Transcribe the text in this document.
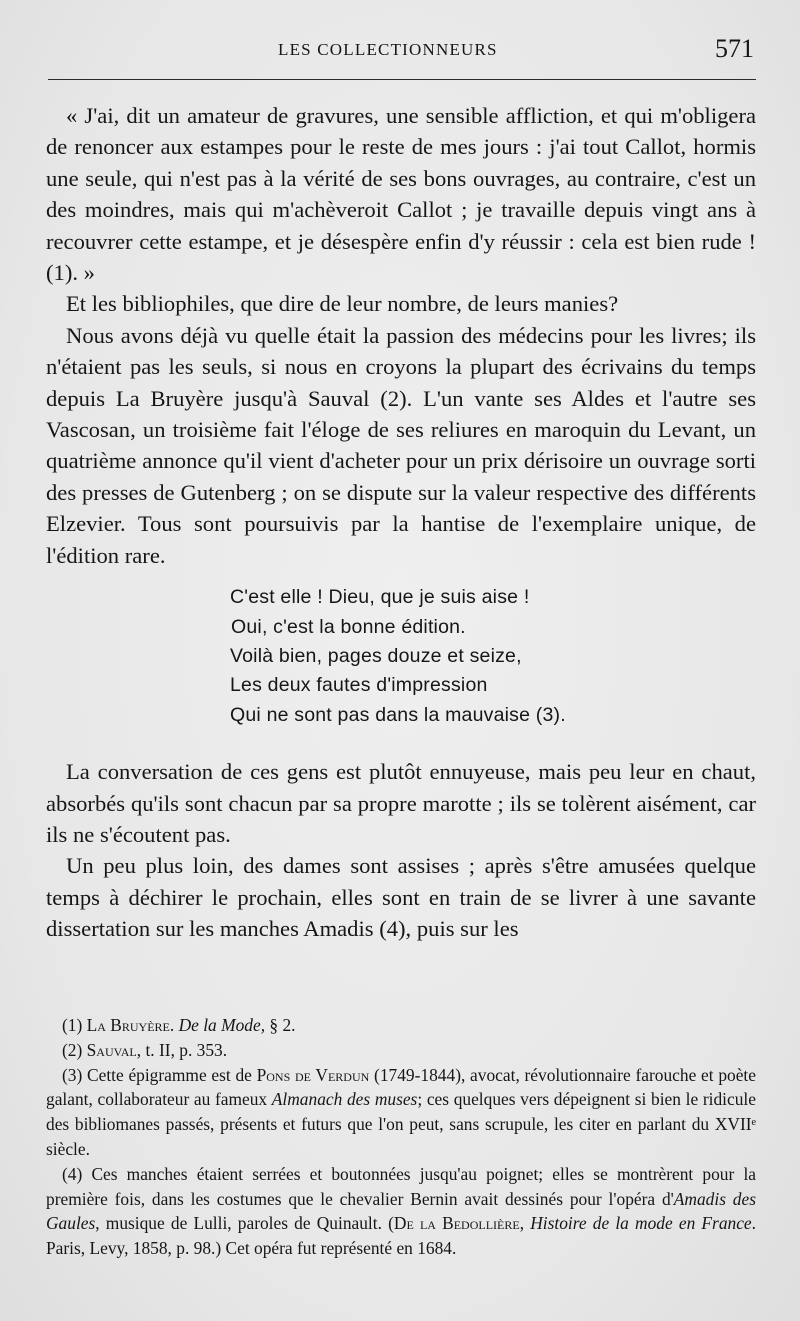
LES COLLECTIONNEURS	571

« J'ai, dit un amateur de gravures, une sensible affliction, et qui m'obligera de renoncer aux estampes pour le reste de mes jours : j'ai tout Callot, hormis une seule, qui n'est pas à la vérité de ses bons ouvrages, au contraire, c'est un des moindres, mais qui m'achèveroit Callot ; je travaille depuis vingt ans à recouvrer cette estampe, et je désespère enfin d'y réussir : cela est bien rude ! (1). »

Et les bibliophiles, que dire de leur nombre, de leurs manies?

Nous avons déjà vu quelle était la passion des médecins pour les livres; ils n'étaient pas les seuls, si nous en croyons la plupart des écrivains du temps depuis La Bruyère jusqu'à Sauval (2). L'un vante ses Aldes et l'autre ses Vascosan, un troisième fait l'éloge de ses reliures en maroquin du Levant, un quatrième annonce qu'il vient d'acheter pour un prix dérisoire un ouvrage sorti des presses de Gutenberg ; on se dispute sur la valeur respective des différents Elzevier. Tous sont poursuivis par la hantise de l'exemplaire unique, de l'édition rare.

C'est elle ! Dieu, que je suis aise !
Oui, c'est la bonne édition.
Voilà bien, pages douze et seize,
Les deux fautes d'impression
Qui ne sont pas dans la mauvaise (3).

La conversation de ces gens est plutôt ennuyeuse, mais peu leur en chaut, absorbés qu'ils sont chacun par sa propre marotte ; ils se tolèrent aisément, car ils ne s'écoutent pas.

Un peu plus loin, des dames sont assises ; après s'être amusées quelque temps à déchirer le prochain, elles sont en train de se livrer à une savante dissertation sur les manches Amadis (4), puis sur les

(1) La Bruyère. De la Mode, § 2.

(2) Sauval, t. II, p. 353.

(3) Cette épigramme est de Pons de Verdun (1749-1844), avocat, révolutionnaire farouche et poète galant, collaborateur au fameux Almanach des muses; ces quelques vers dépeignent si bien le ridicule des bibliomanes passés, présents et futurs que l'on peut, sans scrupule, les citer en parlant du XVIIᵉ siècle.

(4) Ces manches étaient serrées et boutonnées jusqu'au poignet; elles se montrèrent pour la première fois, dans les costumes que le chevalier Bernin avait dessinés pour l'opéra d'Amadis des Gaules, musique de Lulli, paroles de Quinault. (De la Bedollière, Histoire de la mode en France. Paris, Levy, 1858, p. 98.) Cet opéra fut représenté en 1684.
